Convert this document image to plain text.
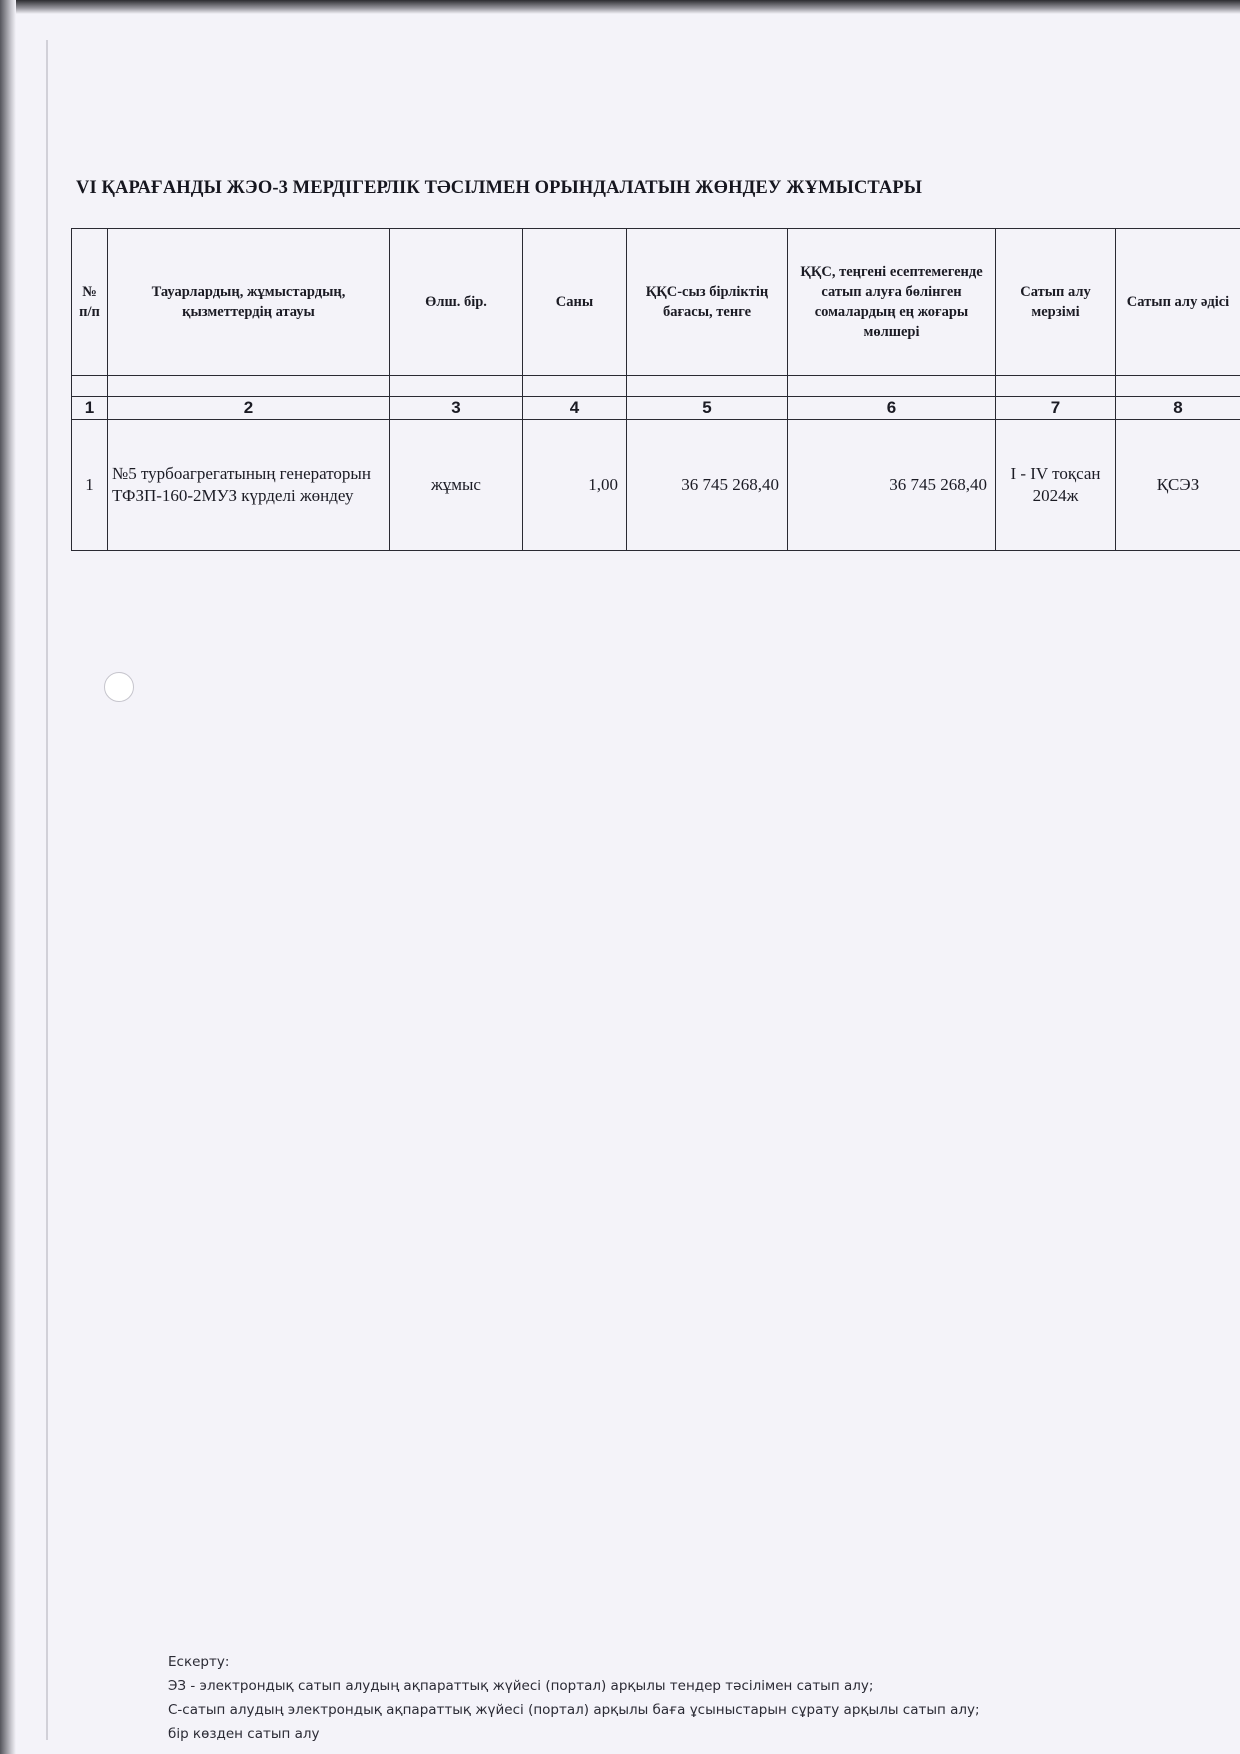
VI ҚАРАҒАНДЫ ЖЭО-3 МЕРДІГЕРЛІК ТӘСІЛМЕН ОРЫНДАЛАТЫН ЖӨНДЕУ ЖҰМЫСТАРЫ
№ п/п	Тауарлардың, жұмыстардың, қызметтердің атауы	Өлш. бір.	Саны	ҚҚС-сыз бірліктің бағасы, тенге	ҚҚС, теңгені есептемегенде сатып алуға бөлінген сомалардың ең жоғары мөлшері	Сатып алу мерзімі	Сатып алу әдісі

1	2	3	4	5	6	7	8
1	№5 турбоагрегатының генераторын ТФЗП-160-2МУЗ күрделі жөндеу	жұмыс	1,00	36 745 268,40	36 745 268,40	I - IV тоқсан 2024ж	ҚСЭЗ
Ескерту:
ЭЗ - электрондық сатып алудың ақпараттық жүйесі (портал) арқылы тендер тәсілімен сатып алу;
С-сатып алудың электрондық ақпараттық жүйесі (портал) арқылы баға ұсыныстарын сұрату арқылы сатып алу;
бір көзден сатып алу
